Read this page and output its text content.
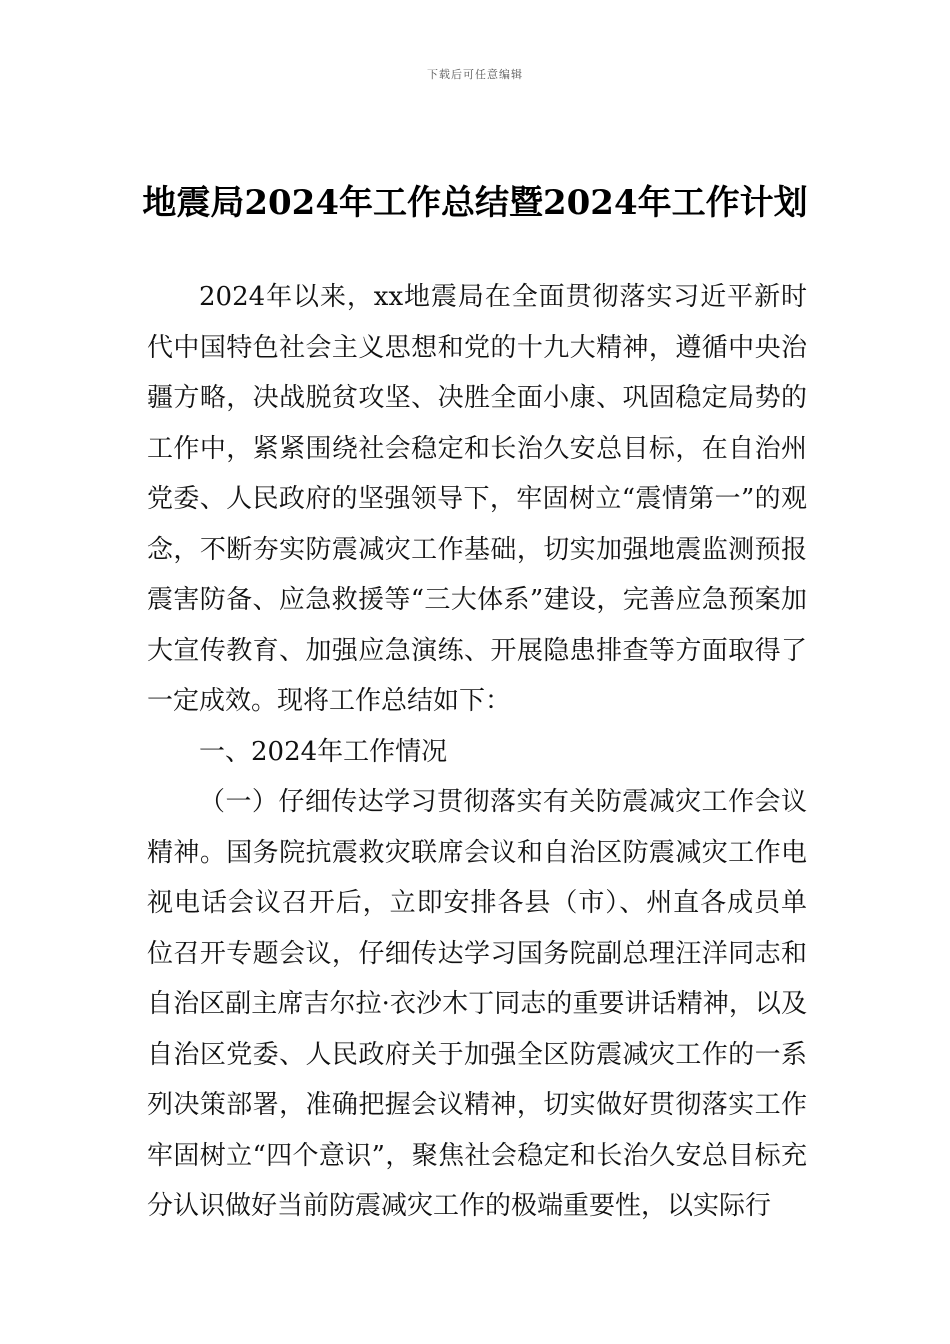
下载后可任意编辑
地震局2024年工作总结暨2024年工作计划

2024年以来，xx地震局在全面贯彻落实习近平新时代中国特色社会主义思想和党的十九大精神，遵循中央治疆方略，决战脱贫攻坚、决胜全面小康、巩固稳定局势的工作中，紧紧围绕社会稳定和长治久安总目标，在自治州党委、人民政府的坚强领导下，牢固树立“震情第一”的观念，不断夯实防震减灾工作基础，切实加强地震监测预报震害防备、应急救援等“三大体系”建设，完善应急预案加大宣传教育、加强应急演练、开展隐患排查等方面取得了一定成效。现将工作总结如下：

一、2024年工作情况

（一）仔细传达学习贯彻落实有关防震减灾工作会议精神。国务院抗震救灾联席会议和自治区防震减灾工作电视电话会议召开后，立即安排各县（市）、州直各成员单位召开专题会议，仔细传达学习国务院副总理汪洋同志和自治区副主席吉尔拉·衣沙木丁同志的重要讲话精神，以及自治区党委、人民政府关于加强全区防震减灾工作的一系列决策部署，准确把握会议精神，切实做好贯彻落实工作牢固树立“四个意识”，聚焦社会稳定和长治久安总目标充分认识做好当前防震减灾工作的极端重要性，以实际行
